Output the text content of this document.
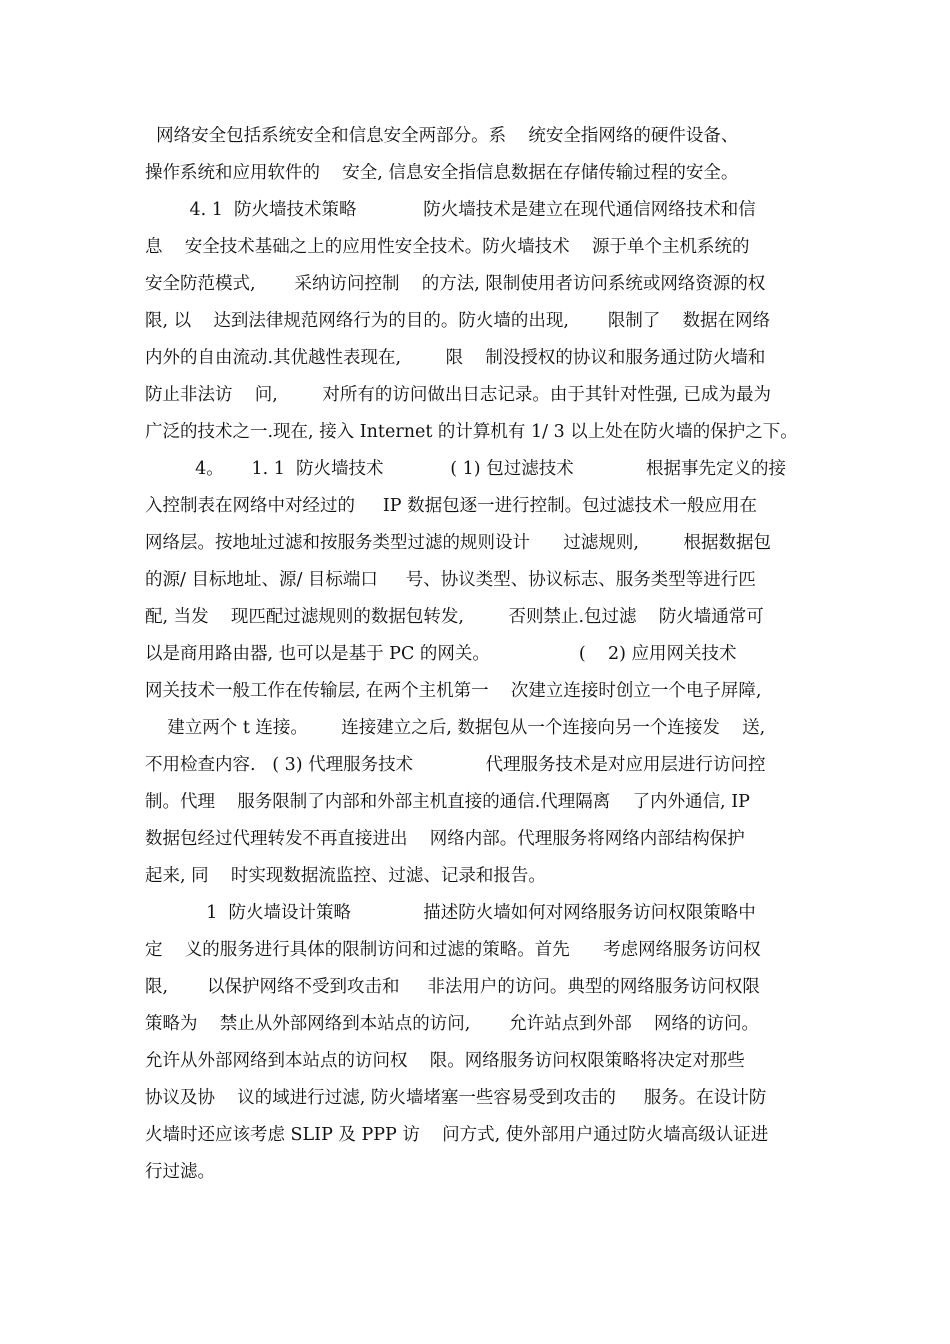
网络安全包括系统安全和信息安全两部分。系    统安全指网络的硬件设备、
操作系统和应用软件的    安全, 信息安全指信息数据在存储传输过程的安全。
4. 1  防火墙技术策略            防火墙技术是建立在现代通信网络技术和信
息    安全技术基础之上的应用性安全技术。防火墙技术    源于单个主机系统的
安全防范模式,       采纳访问控制    的方法, 限制使用者访问系统或网络资源的权
限, 以    达到法律规范网络行为的目的。防火墙的出现,       限制了    数据在网络
内外的自由流动.其优越性表现在,        限    制没授权的协议和服务通过防火墙和
防止非法访    问,        对所有的访问做出日志记录。由于其针对性强, 已成为最为
广泛的技术之一.现在, 接入 Internet 的计算机有 1/ 3 以上处在防火墙的保护之下。
4。     1. 1  防火墙技术            ( 1) 包过滤技术             根据事先定义的接
入控制表在网络中对经过的     IP 数据包逐一进行控制。包过滤技术一般应用在
网络层。按地址过滤和按服务类型过滤的规则设计      过滤规则,        根据数据包
的源/ 目标地址、源/ 目标端口     号、协议类型、协议标志、服务类型等进行匹
配, 当发    现匹配过滤规则的数据包转发,        否则禁止.包过滤    防火墙通常可
以是商用路由器, 也可以是基于 PC 的网关。                (    2) 应用网关技术
网关技术一般工作在传输层, 在两个主机第一    次建立连接时创立一个电子屏障,
建立两个 t 连接。      连接建立之后, 数据包从一个连接向另一个连接发    送,
不用检查内容.   ( 3) 代理服务技术             代理服务技术是对应用层进行访问控
制。代理    服务限制了内部和外部主机直接的通信.代理隔离    了内外通信, IP
数据包经过代理转发不再直接进出    网络内部。代理服务将网络内部结构保护
起来, 同    时实现数据流监控、过滤、记录和报告。
1  防火墙设计策略             描述防火墙如何对网络服务访问权限策略中
定    义的服务进行具体的限制访问和过滤的策略。首先      考虑网络服务访问权
限,       以保护网络不受到攻击和     非法用户的访问。典型的网络服务访问权限
策略为    禁止从外部网络到本站点的访问,       允许站点到外部    网络的访问。
允许从外部网络到本站点的访问权    限。网络服务访问权限策略将决定对那些
协议及协    议的域进行过滤, 防火墙堵塞一些容易受到攻击的     服务。在设计防
火墙时还应该考虑 SLIP 及 PPP 访    问方式, 使外部用户通过防火墙高级认证进
行过滤。
